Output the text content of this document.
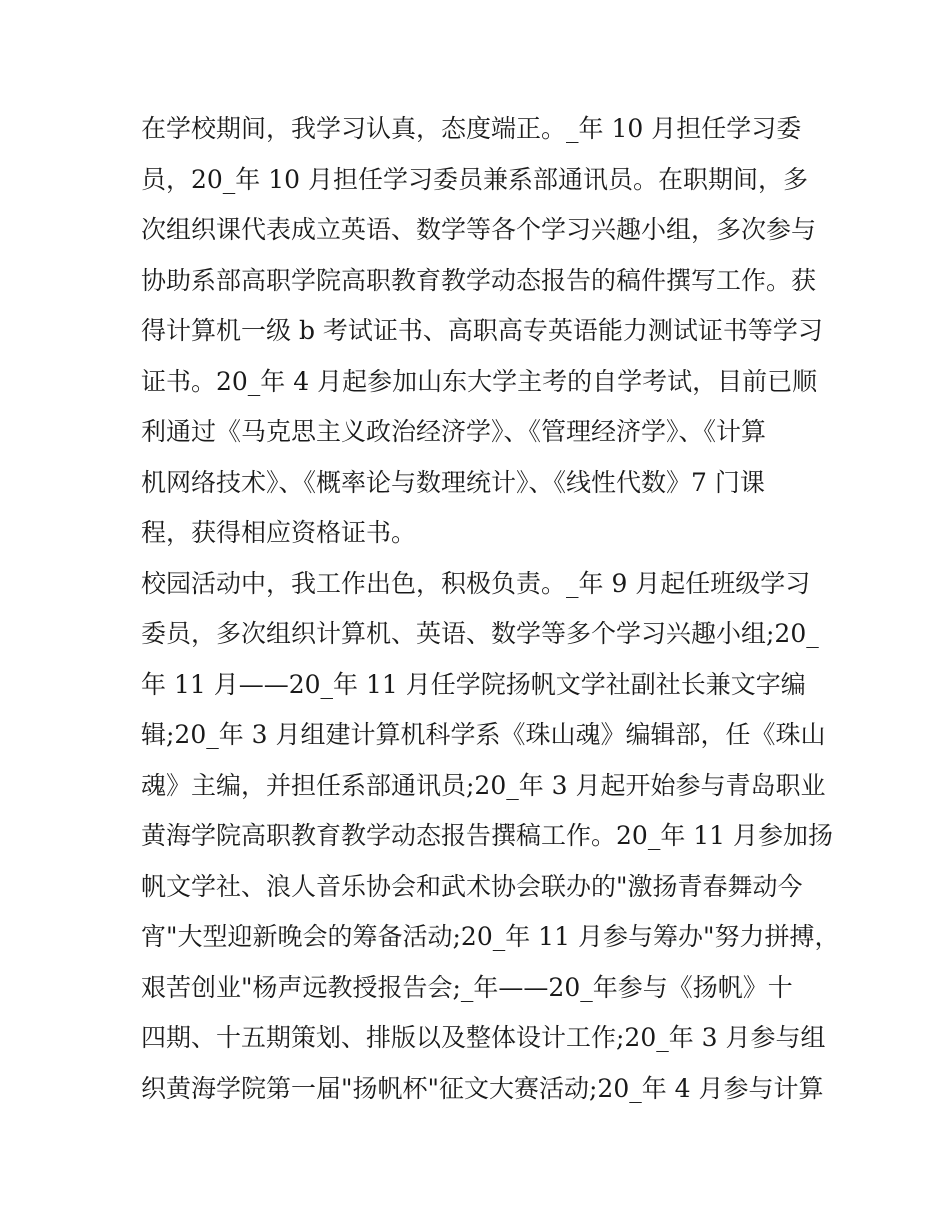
在学校期间，我学习认真，态度端正。_年 10 月担任学习委
员，20_年 10 月担任学习委员兼系部通讯员。在职期间，多
次组织课代表成立英语、数学等各个学习兴趣小组，多次参与
协助系部高职学院高职教育教学动态报告的稿件撰写工作。获
得计算机一级 b 考试证书、高职高专英语能力测试证书等学习
证书。20_年 4 月起参加山东大学主考的自学考试，目前已顺
利通过《马克思主义政治经济学》、《管理经济学》、《计算
机网络技术》、《概率论与数理统计》、《线性代数》7 门课
程，获得相应资格证书。
校园活动中，我工作出色，积极负责。_年 9 月起任班级学习
委员，多次组织计算机、英语、数学等多个学习兴趣小组;20_
年 11 月——20_年 11 月任学院扬帆文学社副社长兼文字编
辑;20_年 3 月组建计算机科学系《珠山魂》编辑部，任《珠山
魂》主编，并担任系部通讯员;20_年 3 月起开始参与青岛职业
黄海学院高职教育教学动态报告撰稿工作。20_年 11 月参加扬
帆文学社、浪人音乐协会和武术协会联办的"激扬青春舞动今
宵"大型迎新晚会的筹备活动;20_年 11 月参与筹办"努力拼搏，
艰苦创业"杨声远教授报告会;_年——20_年参与《扬帆》十
四期、十五期策划、排版以及整体设计工作;20_年 3 月参与组
织黄海学院第一届"扬帆杯"征文大赛活动;20_年 4 月参与计算
